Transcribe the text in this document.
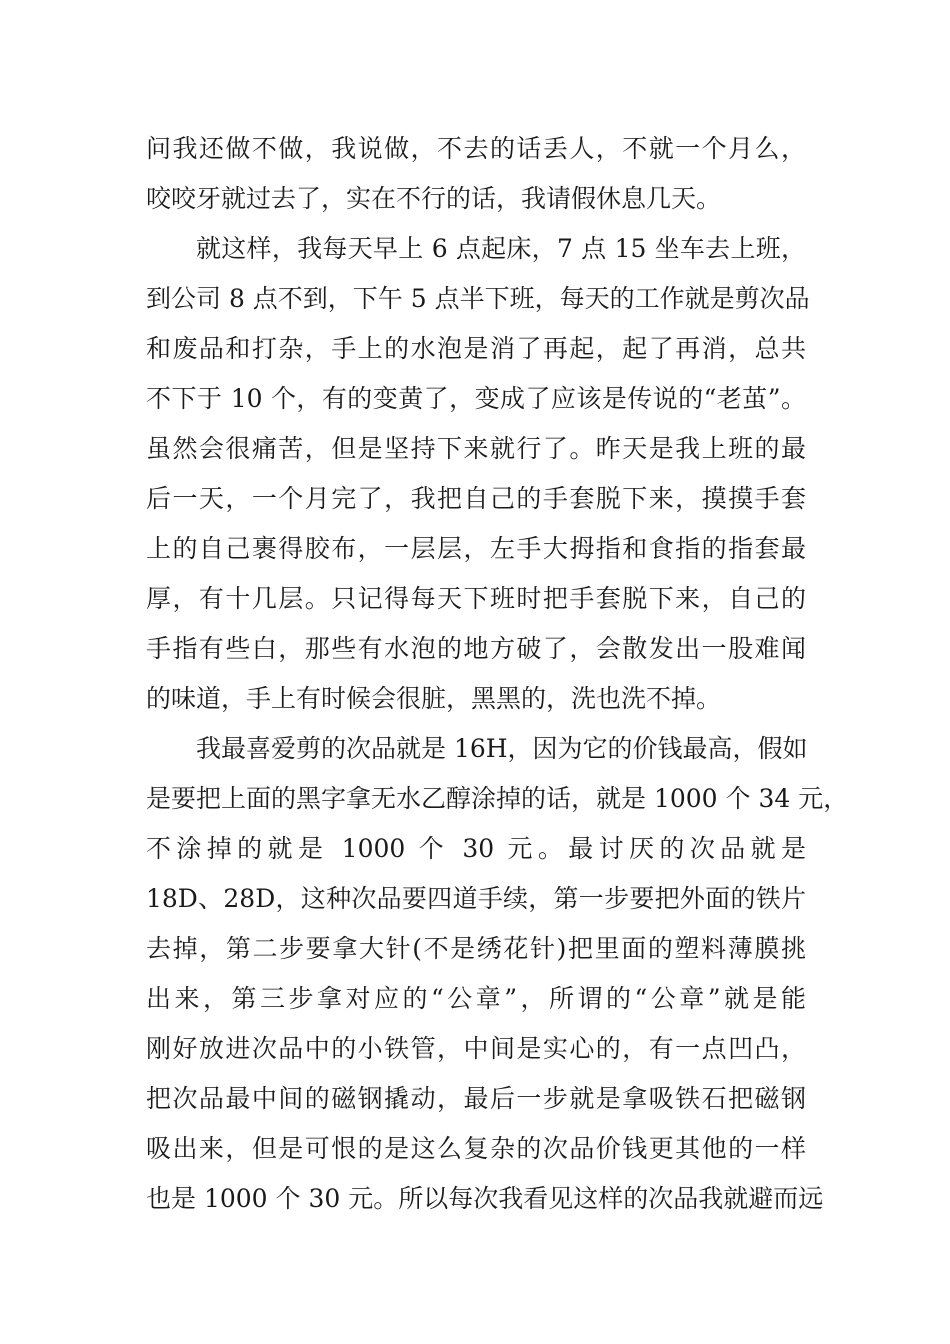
问我还做不做，我说做，不去的话丢人，不就一个月么，
咬咬牙就过去了，实在不行的话，我请假休息几天。
就这样，我每天早上 6 点起床，7 点 15 坐车去上班，
到公司 8 点不到，下午 5 点半下班，每天的工作就是剪次品
和废品和打杂，手上的水泡是消了再起，起了再消，总共
不下于 10 个，有的变黄了，变成了应该是传说的“老茧”。
虽然会很痛苦，但是坚持下来就行了。昨天是我上班的最
后一天，一个月完了，我把自己的手套脱下来，摸摸手套
上的自己裹得胶布，一层层，左手大拇指和食指的指套最
厚，有十几层。只记得每天下班时把手套脱下来，自己的
手指有些白，那些有水泡的地方破了，会散发出一股难闻
的味道，手上有时候会很脏，黑黑的，洗也洗不掉。
我最喜爱剪的次品就是 16H，因为它的价钱最高，假如
是要把上面的黑字拿无水乙醇涂掉的话，就是 1000 个 34 元，
不涂掉的就是 1000 个 30 元。最讨厌的次品就是
18D、28D，这种次品要四道手续，第一步要把外面的铁片
去掉，第二步要拿大针(不是绣花针)把里面的塑料薄膜挑
出来，第三步拿对应的“公章”，所谓的“公章”就是能
刚好放进次品中的小铁管，中间是实心的，有一点凹凸，
把次品最中间的磁钢撬动，最后一步就是拿吸铁石把磁钢
吸出来，但是可恨的是这么复杂的次品价钱更其他的一样
也是 1000 个 30 元。所以每次我看见这样的次品我就避而远
